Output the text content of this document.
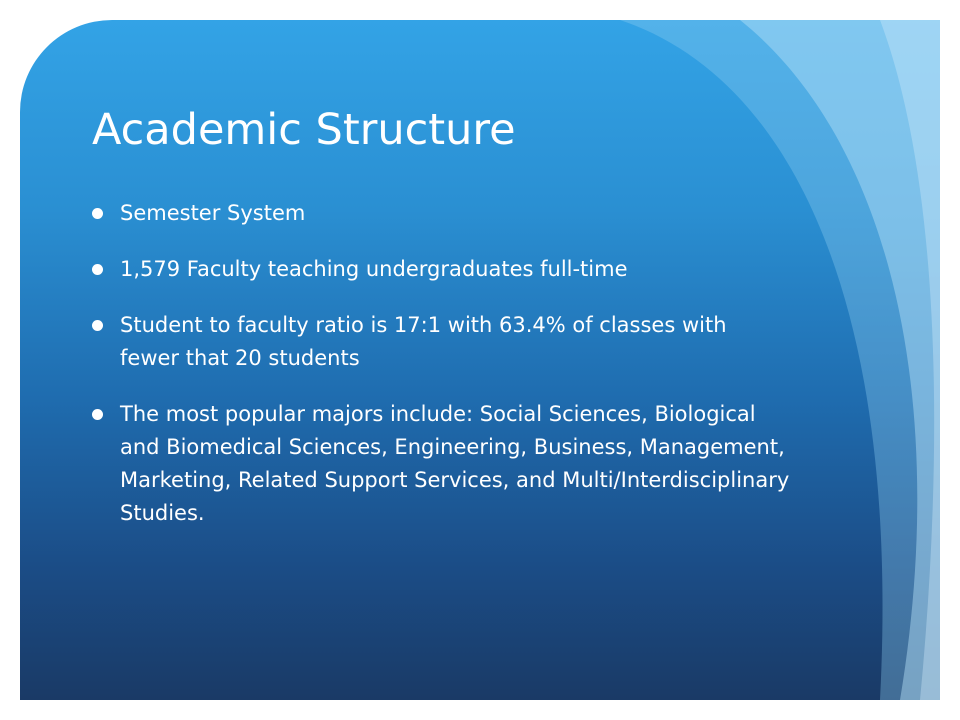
Academic Structure
Semester System
1,579 Faculty teaching undergraduates full-time
Student to faculty ratio is 17:1 with 63.4% of classes with fewer that 20 students
The most popular majors include: Social Sciences, Biological and Biomedical Sciences, Engineering, Business, Management, Marketing, Related Support Services, and Multi/Interdisciplinary Studies.
